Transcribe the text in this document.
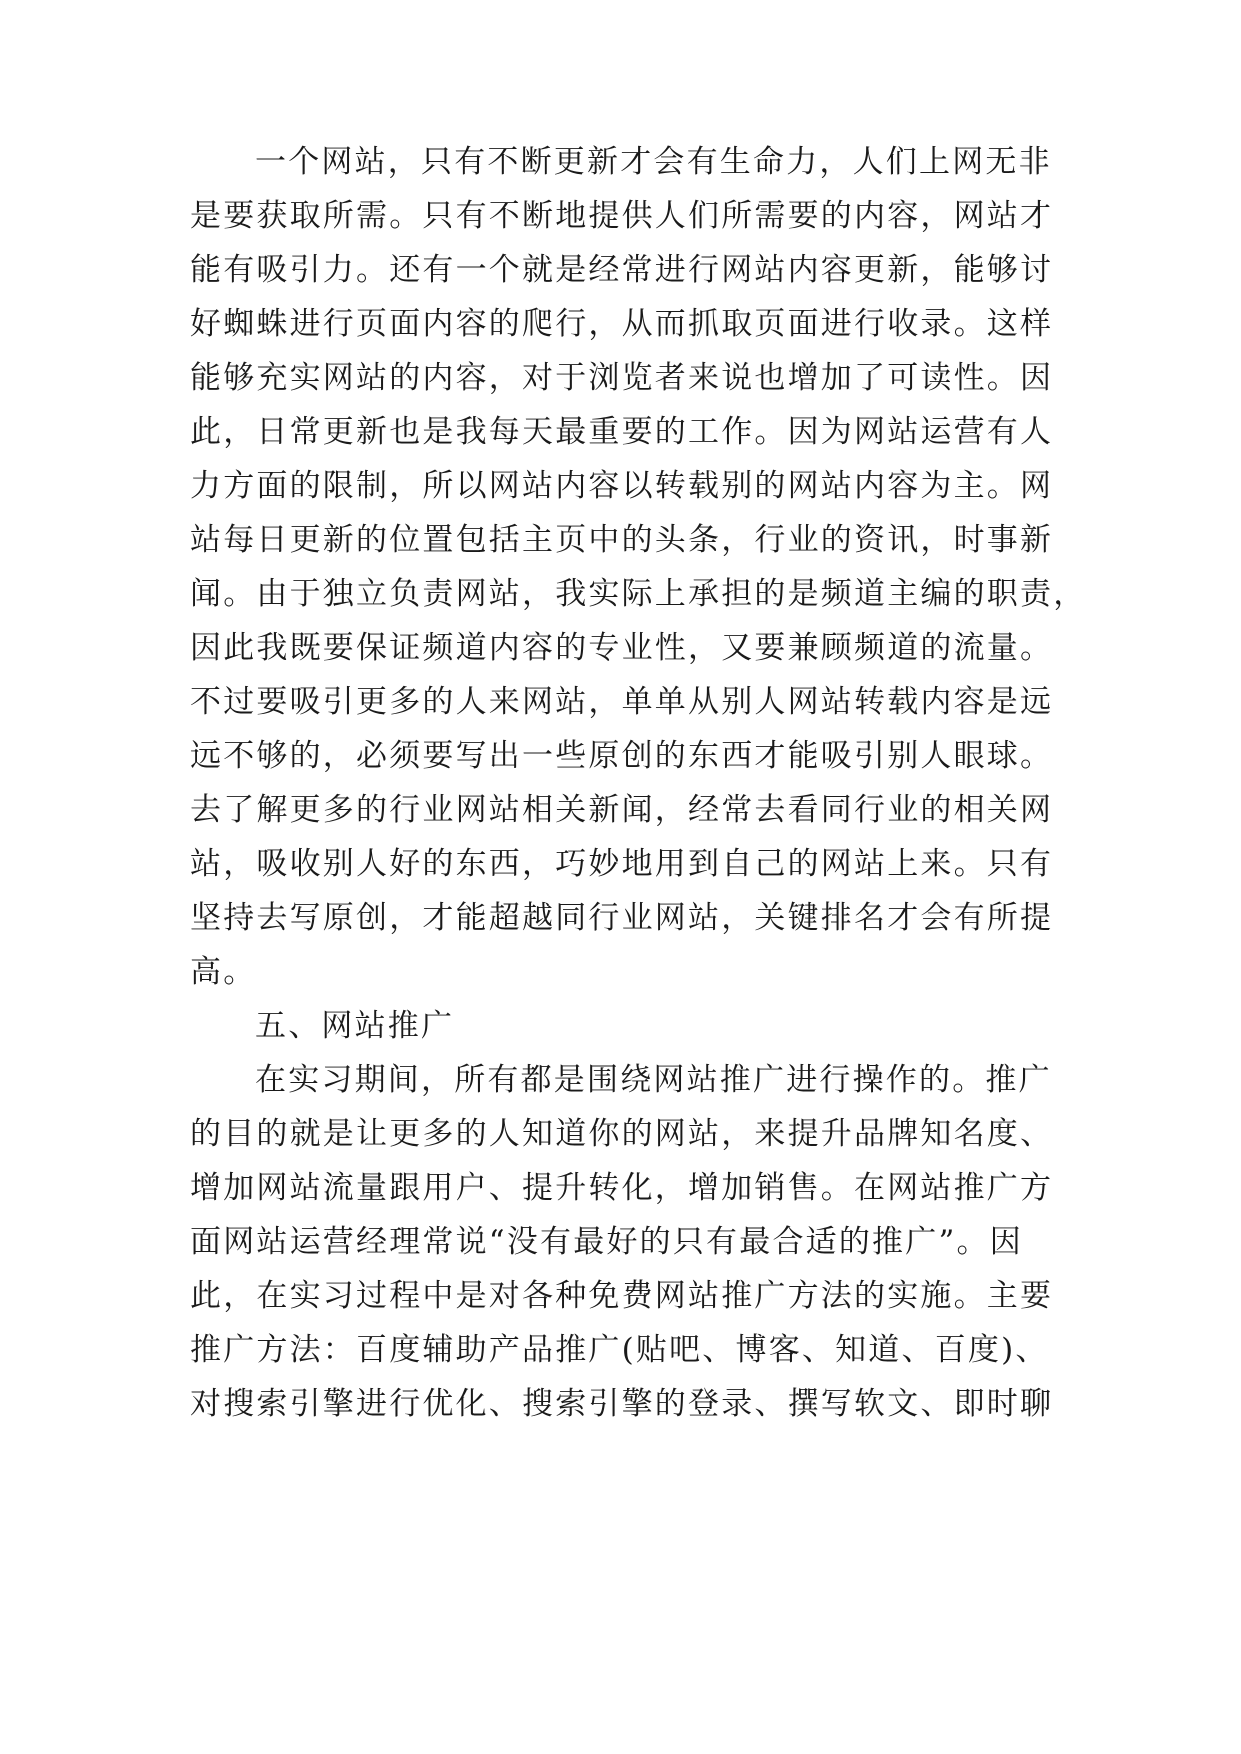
一个网站，只有不断更新才会有生命力，人们上网无非
是要获取所需。只有不断地提供人们所需要的内容，网站才
能有吸引力。还有一个就是经常进行网站内容更新，能够讨
好蜘蛛进行页面内容的爬行，从而抓取页面进行收录。这样
能够充实网站的内容，对于浏览者来说也增加了可读性。因
此，日常更新也是我每天最重要的工作。因为网站运营有人
力方面的限制，所以网站内容以转载别的网站内容为主。网
站每日更新的位置包括主页中的头条，行业的资讯，时事新
闻。由于独立负责网站，我实际上承担的是频道主编的职责，
因此我既要保证频道内容的专业性，又要兼顾频道的流量。
不过要吸引更多的人来网站，单单从别人网站转载内容是远
远不够的，必须要写出一些原创的东西才能吸引别人眼球。
去了解更多的行业网站相关新闻，经常去看同行业的相关网
站，吸收别人好的东西，巧妙地用到自己的网站上来。只有
坚持去写原创，才能超越同行业网站，关键排名才会有所提
高。
五、网站推广
在实习期间，所有都是围绕网站推广进行操作的。推广
的目的就是让更多的人知道你的网站，来提升品牌知名度、
增加网站流量跟用户、提升转化，增加销售。在网站推广方
面网站运营经理常说“没有最好的只有最合适的推广”。因
此，在实习过程中是对各种免费网站推广方法的实施。主要
推广方法：百度辅助产品推广(贴吧、博客、知道、百度)、
对搜索引擎进行优化、搜索引擎的登录、撰写软文、即时聊
